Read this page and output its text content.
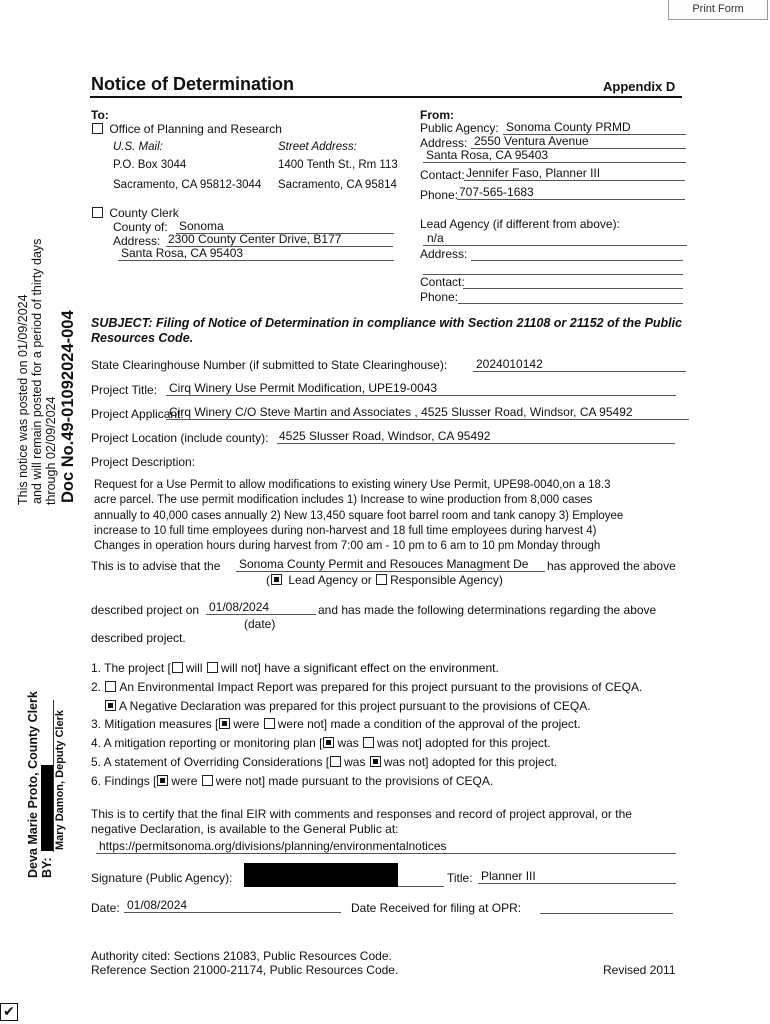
Print Form
Notice of Determination	Appendix D
To:
Office of Planning and Research
U.S. Mail:	Street Address:
P.O. Box 3044	1400 Tenth St., Rm 113
Sacramento, CA 95812-3044 Sacramento, CA 95814
County Clerk
County of: Sonoma
Address: 2300 County Center Drive, B177
Santa Rosa, CA 95403
From:
Public Agency: Sonoma County PRMD
Address: 2550 Ventura Avenue
Santa Rosa, CA 95403
Contact: Jennifer Faso, Planner III
Phone: 707-565-1683
Lead Agency (if different from above):
n/a
Address:
Contact:
Phone:
SUBJECT: Filing of Notice of Determination in compliance with Section 21108 or 21152 of the Public Resources Code.
State Clearinghouse Number (if submitted to State Clearinghouse): 2024010142
Project Title: Cirq Winery Use Permit Modification, UPE19-0043
Project Applicant:
Cirq Winery C/O Steve Martin and Associates , 4525 Slusser Road, Windsor, CA 95492
Project Location (include county): 4525 Slusser Road, Windsor, CA 95492
Project Description:
Request for a Use Permit to allow modifications to existing winery Use Permit, UPE98-0040,on a 18.3
acre parcel. The use permit modification includes 1) Increase to wine production from 8,000 cases
annually to 40,000 cases annually 2) New 13,450 square foot barrel room and tank canopy 3) Employee
increase to 10 full time employees during non-harvest and 18 full time employees during harvest 4)
Changes in operation hours during harvest from 7:00 am - 10 pm to 6 am to 10 pm Monday through
This is to advise that the Sonoma County Permit and Resouces Managment De	has approved the above
( Lead Agency or Responsible Agency)
described project on 01/08/2024	and has made the following determinations regarding the above
(date)
described project.
1. The project [ will will not] have a significant effect on the environment.
2. An Environmental Impact Report was prepared for this project pursuant to the provisions of CEQA.
A Negative Declaration was prepared for this project pursuant to the provisions of CEQA.
3. Mitigation measures [ were were not] made a condition of the approval of the project.
4. A mitigation reporting or monitoring plan [ was was not] adopted for this project.
5. A statement of Overriding Considerations [ was was not] adopted for this project.
6. Findings [ were were not] made pursuant to the provisions of CEQA.
This is to certify that the final EIR with comments and responses and record of project approval, or the
negative Declaration, is available to the General Public at:
https://permitsonoma.org/divisions/planning/environmentalnotices
Signature (Public Agency):	Title: Planner III
Date: 01/08/2024	Date Received for filing at OPR:
Authority cited: Sections 21083, Public Resources Code.
Reference Section 21000-21174, Public Resources Code.	Revised 2011
This notice was posted on 01/09/2024 and will remain posted for a period of thirty days through 02/09/2024 Doc No.49-01092024-004
Deva Marie Proto, County Clerk BY:
Mary Damon, Deputy Clerk
✔
